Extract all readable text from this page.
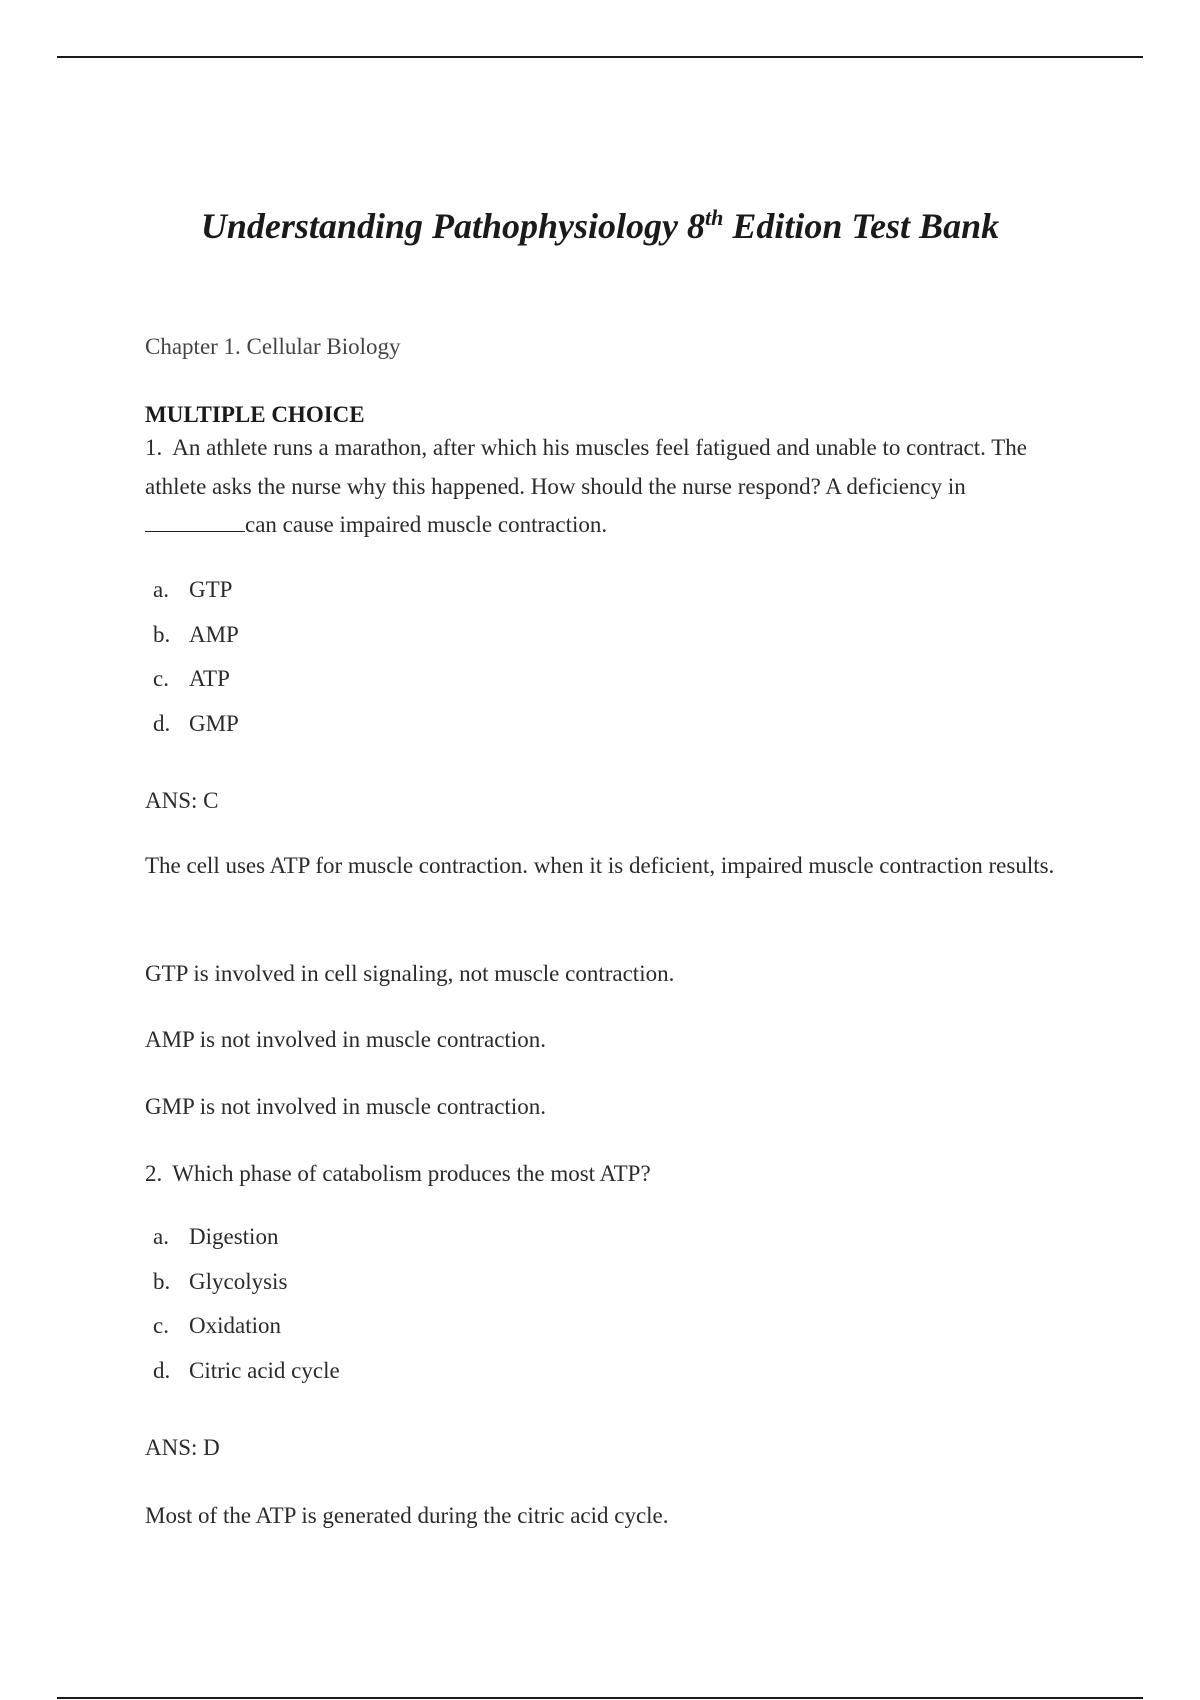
Understanding Pathophysiology 8th Edition Test Bank
Chapter 1. Cellular Biology
MULTIPLE CHOICE
1. An athlete runs a marathon, after which his muscles feel fatigued and unable to contract. The athlete asks the nurse why this happened. How should the nurse respond? A deficiency in
can cause impaired muscle contraction.
a. GTP
b. AMP
c. ATP
d. GMP
ANS: C
The cell uses ATP for muscle contraction. when it is deficient, impaired muscle contraction results.
GTP is involved in cell signaling, not muscle contraction.
AMP is not involved in muscle contraction.
GMP is not involved in muscle contraction.
2. Which phase of catabolism produces the most ATP?
a. Digestion
b. Glycolysis
c. Oxidation
d. Citric acid cycle
ANS: D
Most of the ATP is generated during the citric acid cycle.
